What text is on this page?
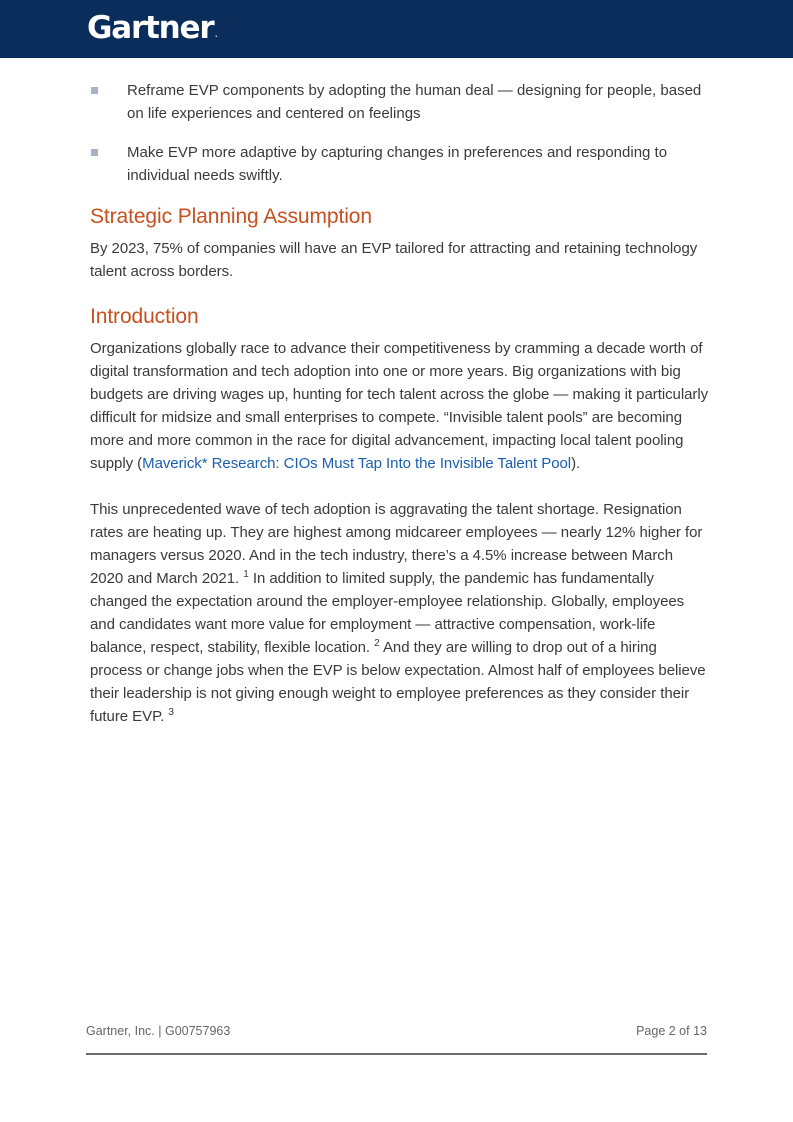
Gartner.
Reframe EVP components by adopting the human deal — designing for people, based on life experiences and centered on feelings
Make EVP more adaptive by capturing changes in preferences and responding to individual needs swiftly.
Strategic Planning Assumption

By 2023, 75% of companies will have an EVP tailored for attracting and retaining technology talent across borders.

Introduction

Organizations globally race to advance their competitiveness by cramming a decade worth of digital transformation and tech adoption into one or more years. Big organizations with big budgets are driving wages up, hunting for tech talent across the globe — making it particularly difficult for midsize and small enterprises to compete. “Invisible talent pools” are becoming more and more common in the race for digital advancement, impacting local talent pooling supply (Maverick* Research: CIOs Must Tap Into the Invisible Talent Pool).

This unprecedented wave of tech adoption is aggravating the talent shortage. Resignation rates are heating up. They are highest among midcareer employees — nearly 12% higher for managers versus 2020. And in the tech industry, there’s a 4.5% increase between March 2020 and March 2021. $^1$ In addition to limited supply, the pandemic has fundamentally changed the expectation around the employer-employee relationship. Globally, employees and candidates want more value for employment — attractive compensation, work-life balance, respect, stability, flexible location. $^2$ And they are willing to drop out of a hiring process or change jobs when the EVP is below expectation. Almost half of employees believe their leadership is not giving enough weight to employee preferences as they consider their future EVP. $^3$

Gartner, Inc. | G00757963	Page 2 of 13
